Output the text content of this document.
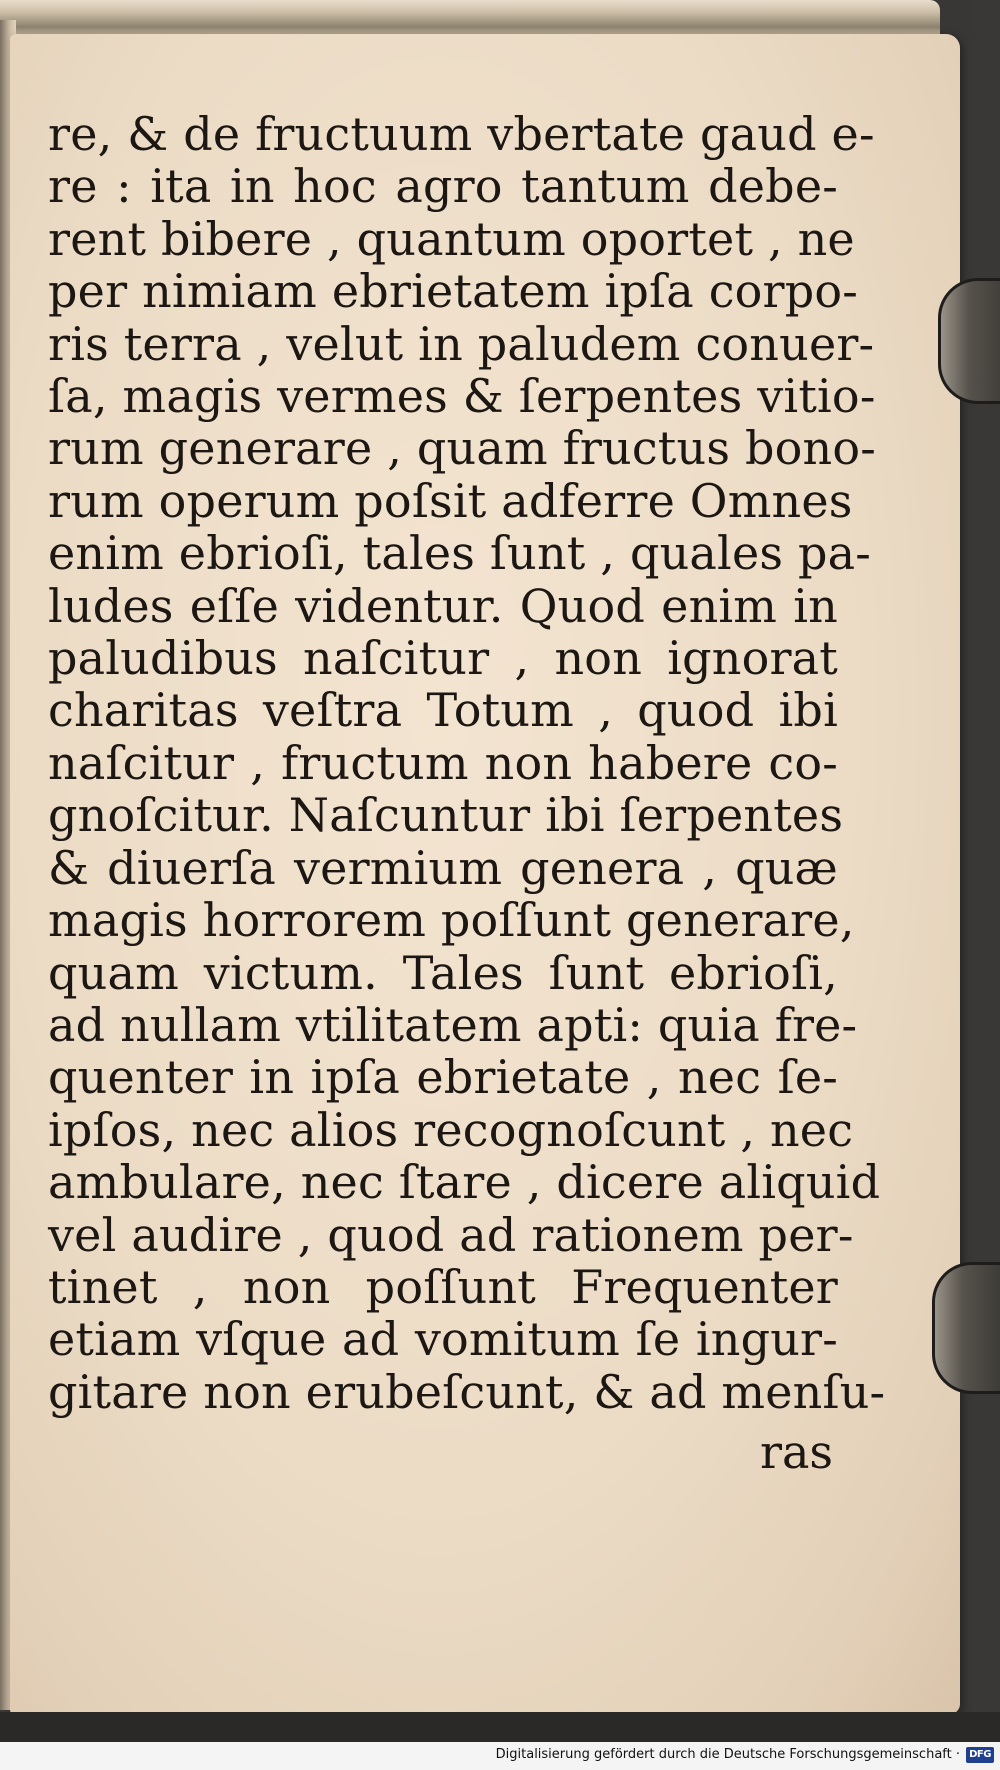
re, & de fructuum vbertate gaud e-
re : ita in hoc agro tantum debe-
rent bibere , quantum oportet , ne
per nimiam ebrietatem ipſa corpo-
ris terra , velut in paludem conuer-
ſa, magis vermes & ſerpentes vitio-
rum generare , quam fructus bono-
rum operum poſsit adferre Omnes
enim ebrioſi, tales ſunt , quales pa-
ludes eſſe videntur. Quod enim in
paludibus naſcitur , non ignorat
charitas veſtra Totum , quod ibi
naſcitur , fructum non habere co-
gnoſcitur. Naſcuntur ibi ſerpentes
& diuerſa vermium genera , quæ
magis horrorem poſſunt generare,
quam victum. Tales ſunt ebrioſi,
ad nullam vtilitatem apti: quia fre-
quenter in ipſa ebrietate , nec ſe-
ipſos, nec alios recognoſcunt , nec
ambulare, nec ſtare , dicere aliquid
vel audire , quod ad rationem per-
tinet , non poſſunt Frequenter
etiam vſque ad vomitum ſe ingur-
gitare non erubeſcunt, & ad menſu-
ras
Digitalisierung gefördert durch die Deutsche Forschungsgemeinschaft · DFG
